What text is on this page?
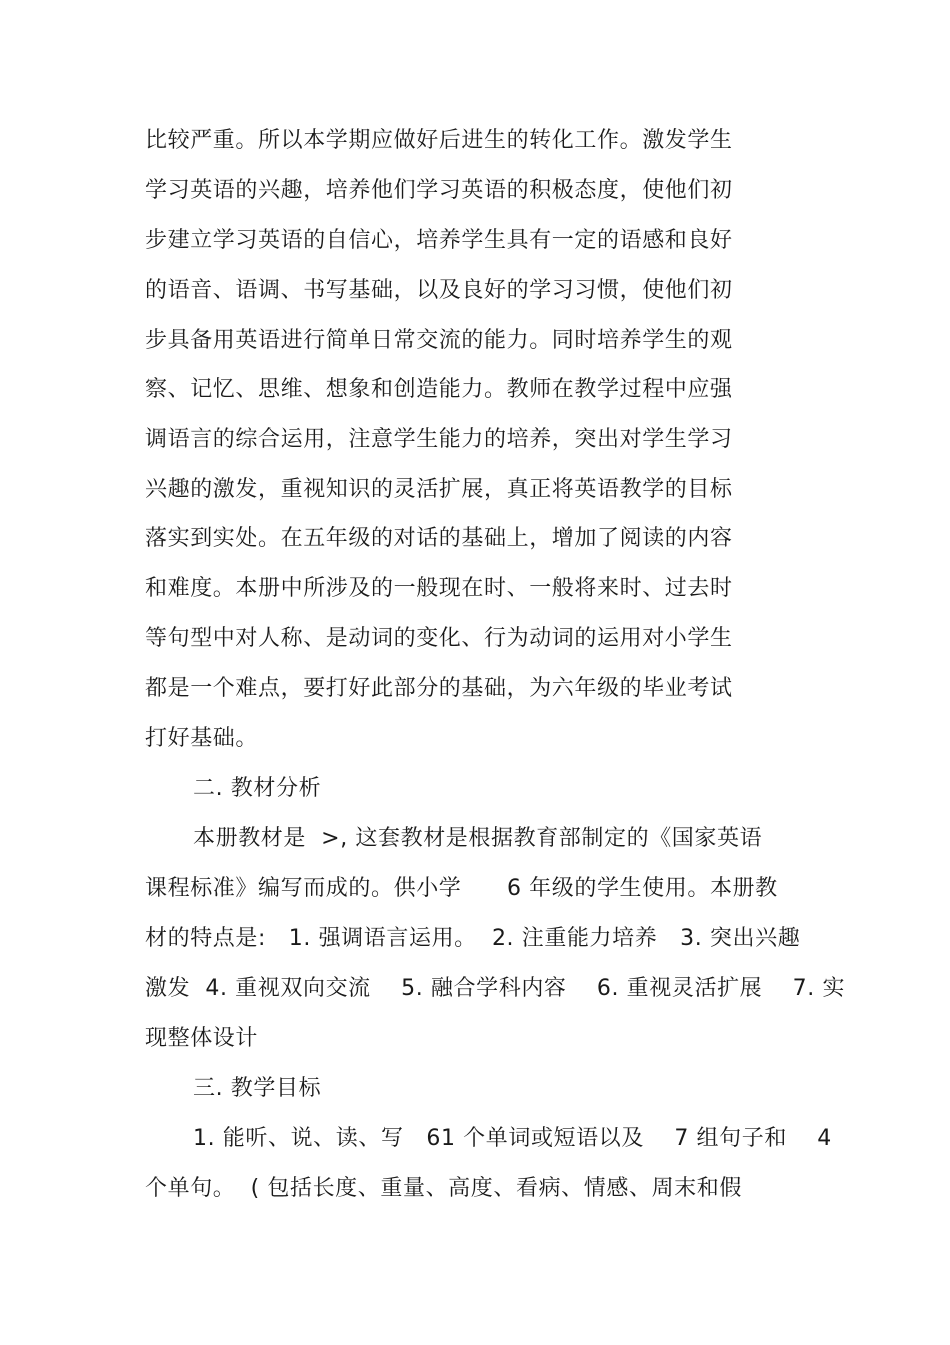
比较严重。所以本学期应做好后进生的转化工作。激发学生
学习英语的兴趣，培养他们学习英语的积极态度，使他们初
步建立学习英语的自信心，培养学生具有一定的语感和良好
的语音、语调、书写基础，以及良好的学习习惯，使他们初
步具备用英语进行简单日常交流的能力。同时培养学生的观
察、记忆、思维、想象和创造能力。教师在教学过程中应强
调语言的综合运用，注意学生能力的培养，突出对学生学习
兴趣的激发，重视知识的灵活扩展，真正将英语教学的目标
落实到实处。在五年级的对话的基础上，增加了阅读的内容
和难度。本册中所涉及的一般现在时、一般将来时、过去时
等句型中对人称、是动词的变化、行为动词的运用对小学生
都是一个难点，要打好此部分的基础，为六年级的毕业考试
打好基础。
二. 教材分析
本册教材是  >, 这套教材是根据教育部制定的《国家英语
课程标准》编写而成的。供小学      6 年级的学生使用。本册教
材的特点是:   1. 强调语言运用。  2. 注重能力培养   3. 突出兴趣
激发  4. 重视双向交流    5. 融合学科内容    6. 重视灵活扩展    7. 实
现整体设计
三. 教学目标
1. 能听、说、读、写   61 个单词或短语以及    7 组句子和    4
个单句。  ( 包括长度、重量、高度、看病、情感、周末和假
